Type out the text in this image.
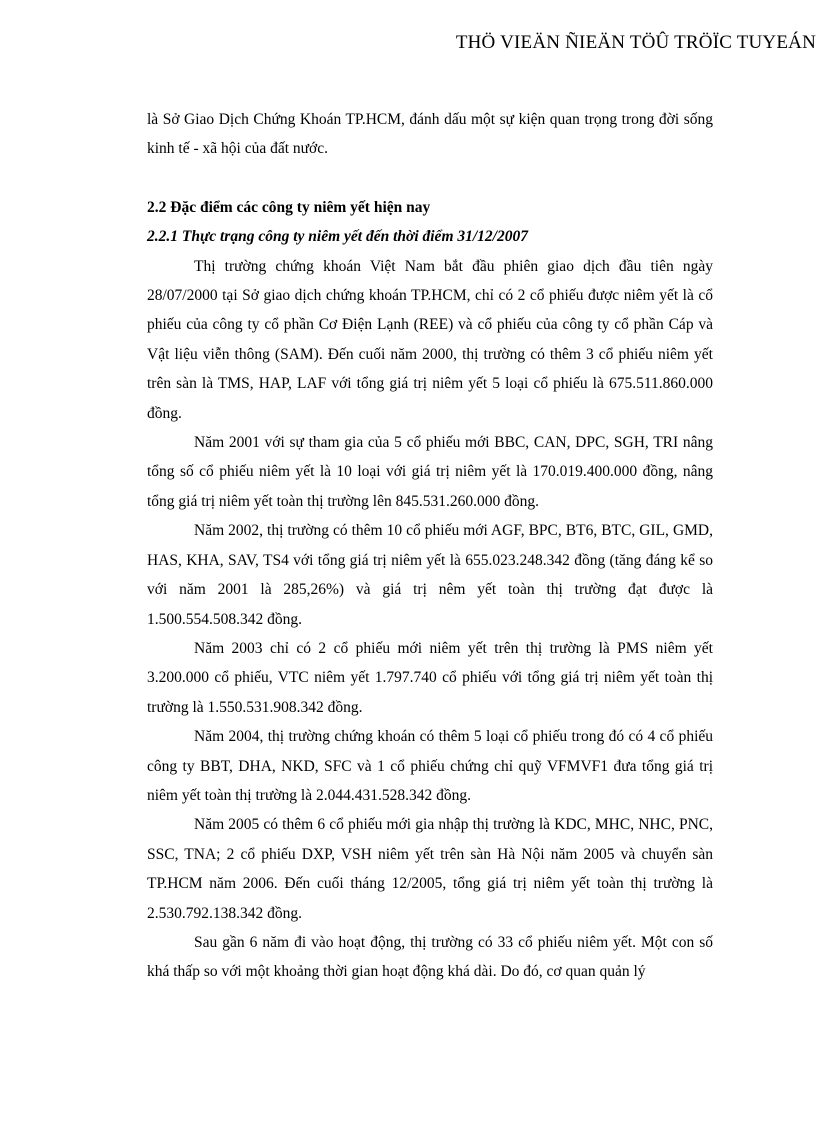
THÖ VIEÄN ÑIEÄN TÖÛ TRÖÏC TUYEÁN

là Sở Giao Dịch Chứng Khoán TP.HCM, đánh dấu một sự kiện quan trọng trong đời sống kinh tế - xã hội của đất nước.

2.2 Đặc điểm các công ty niêm yết hiện nay

2.2.1 Thực trạng công ty niêm yết đến thời điểm 31/12/2007

Thị trường chứng khoán Việt Nam bắt đầu phiên giao dịch đầu tiên ngày 28/07/2000 tại Sở giao dịch chứng khoán TP.HCM, chỉ có 2 cổ phiếu được niêm yết là cổ phiếu của công ty cổ phần Cơ Điện Lạnh (REE) và cổ phiếu của công ty cổ phần Cáp và Vật liệu viễn thông (SAM). Đến cuối năm 2000, thị trường có thêm 3 cổ phiếu niêm yết trên sàn là TMS, HAP, LAF với tổng giá trị niêm yết 5 loại cổ phiếu là 675.511.860.000 đồng.

Năm 2001 với sự tham gia của 5 cổ phiếu mới BBC, CAN, DPC, SGH, TRI nâng tổng số cổ phiếu niêm yết là 10 loại với giá trị niêm yết là 170.019.400.000 đồng, nâng tổng giá trị niêm yết toàn thị trường lên 845.531.260.000 đồng.

Năm 2002, thị trường có thêm 10 cổ phiếu mới AGF, BPC, BT6, BTC, GIL, GMD, HAS, KHA, SAV, TS4 với tổng giá trị niêm yết là 655.023.248.342 đồng (tăng đáng kể so với năm 2001 là 285,26%) và giá trị nêm yết toàn thị trường đạt được là 1.500.554.508.342 đồng.

Năm 2003 chỉ có 2 cổ phiếu mới niêm yết trên thị trường là PMS niêm yết 3.200.000 cổ phiếu, VTC niêm yết 1.797.740 cổ phiếu với tổng giá trị niêm yết toàn thị trường là 1.550.531.908.342 đồng.

Năm 2004, thị trường chứng khoán có thêm 5 loại cổ phiếu trong đó có 4 cổ phiếu công ty BBT, DHA, NKD, SFC và 1 cổ phiếu chứng chỉ quỹ VFMVF1 đưa tổng giá trị niêm yết toàn thị trường là 2.044.431.528.342 đồng.

Năm 2005 có thêm 6 cổ phiếu mới gia nhập thị trường là KDC, MHC, NHC, PNC, SSC, TNA; 2 cổ phiếu DXP, VSH niêm yết trên sàn Hà Nội năm 2005 và chuyển sàn TP.HCM năm 2006. Đến cuối tháng 12/2005, tổng giá trị niêm yết toàn thị trường là 2.530.792.138.342 đồng.

Sau gần 6 năm đi vào hoạt động, thị trường có 33 cổ phiếu niêm yết. Một con số khá thấp so với một khoảng thời gian hoạt động khá dài. Do đó, cơ quan quản lý
